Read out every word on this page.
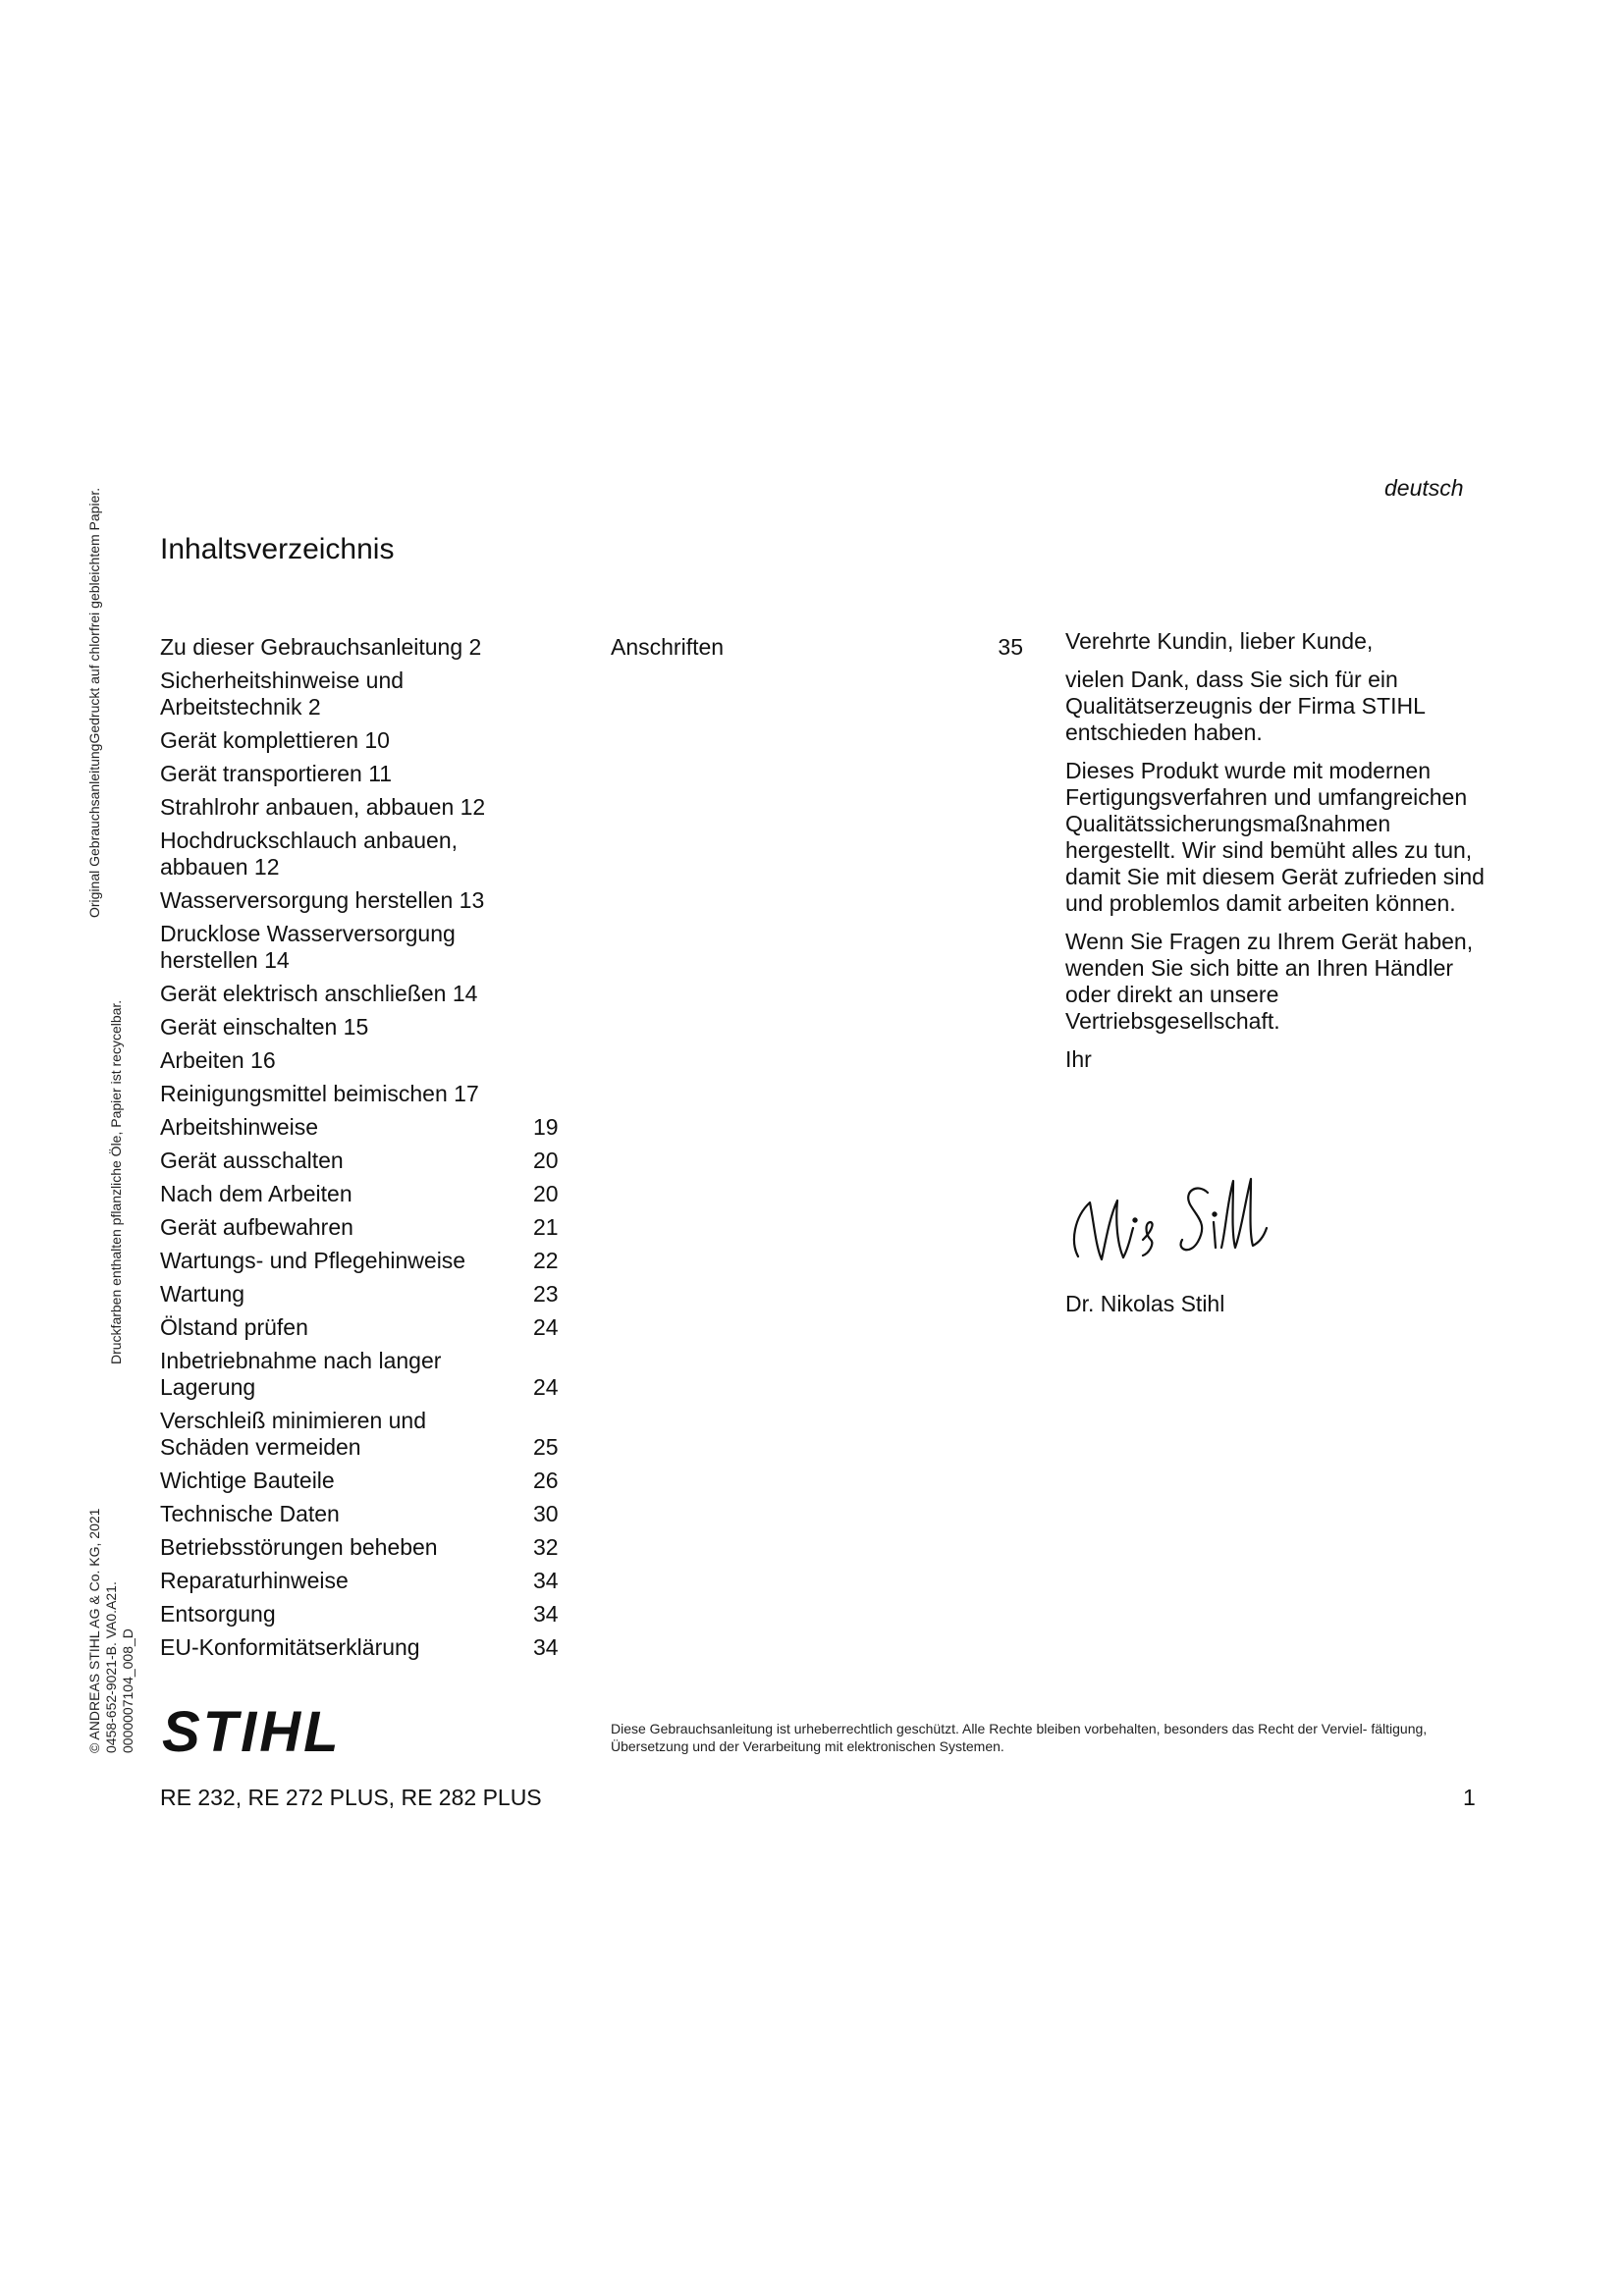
Original GebrauchsanleitungGedruckt auf chlorfrei gebleichtem Papier.
Druckfarben enthalten pflanzliche Öle, Papier ist recycelbar.
© ANDREAS STIHL AG & Co. KG, 2021 0458-652-9021-B. VA0.A21. 0000007104_008_D
deutsch
Inhaltsverzeichnis
Zu dieser Gebrauchsanleitung 2
Sicherheitshinweise und Arbeitstechnik 2
Gerät komplettieren 10
Gerät transportieren 11
Strahlrohr anbauen, abbauen 12
Hochdruckschlauch anbauen, abbauen 12
Wasserversorgung herstellen 13
Drucklose Wasserversorgung herstellen 14
Gerät elektrisch anschließen 14
Gerät einschalten 15
Arbeiten 16
Reinigungsmittel beimischen 17
Arbeitshinweise	19
Gerät ausschalten	20
Nach dem Arbeiten	20
Gerät aufbewahren	21
Wartungs- und Pflegehinweise	22
Wartung	23
Ölstand prüfen	24
Inbetriebnahme nach langer Lagerung	24
Verschleiß minimieren und Schäden vermeiden	25
Wichtige Bauteile	26
Technische Daten	30
Betriebsstörungen beheben	32
Reparaturhinweise	34
Entsorgung	34
EU-Konformitätserklärung	34
Anschriften	35 Verehrte Kundin, lieber Kunde,

vielen Dank, dass Sie sich für ein Qualitätserzeugnis der Firma STIHL entschieden haben.

Dieses Produkt wurde mit modernen Fertigungsverfahren und umfangreichen Qualitätssicherungsmaßnahmen hergestellt. Wir sind bemüht alles zu tun, damit Sie mit diesem Gerät zufrieden sind und problemlos damit arbeiten können.

Wenn Sie Fragen zu Ihrem Gerät haben, wenden Sie sich bitte an Ihren Händler oder direkt an unsere Vertriebsgesellschaft.

Ihr

Dr. Nikolas Stihl
STIHL	Diese Gebrauchsanleitung ist urheberrechtlich geschützt. Alle Rechte bleiben vorbehalten, besonders das Recht der Verviel- fältigung, Übersetzung und der Verarbeitung mit elektronischen Systemen.
RE 232, RE 272 PLUS, RE 282 PLUS	1
